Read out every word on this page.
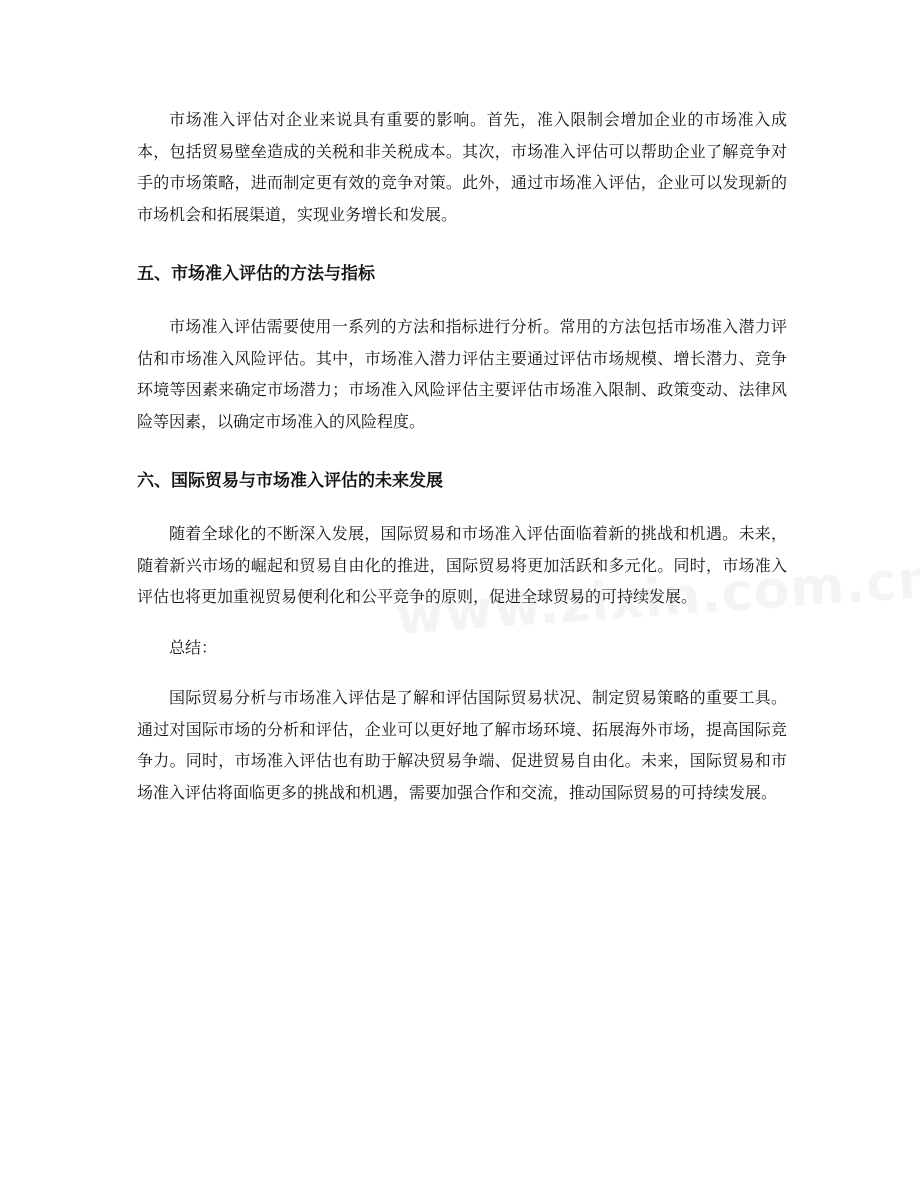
市场准入评估对企业来说具有重要的影响。首先，准入限制会增加企业的市场准入成本，包括贸易壁垒造成的关税和非关税成本。其次，市场准入评估可以帮助企业了解竞争对手的市场策略，进而制定更有效的竞争对策。此外，通过市场准入评估，企业可以发现新的市场机会和拓展渠道，实现业务增长和发展。

五、市场准入评估的方法与指标

市场准入评估需要使用一系列的方法和指标进行分析。常用的方法包括市场准入潜力评估和市场准入风险评估。其中，市场准入潜力评估主要通过评估市场规模、增长潜力、竞争环境等因素来确定市场潜力；市场准入风险评估主要评估市场准入限制、政策变动、法律风险等因素，以确定市场准入的风险程度。

六、国际贸易与市场准入评估的未来发展

随着全球化的不断深入发展，国际贸易和市场准入评估面临着新的挑战和机遇。未来，随着新兴市场的崛起和贸易自由化的推进，国际贸易将更加活跃和多元化。同时，市场准入评估也将更加重视贸易便利化和公平竞争的原则，促进全球贸易的可持续发展。

总结：

国际贸易分析与市场准入评估是了解和评估国际贸易状况、制定贸易策略的重要工具。通过对国际市场的分析和评估，企业可以更好地了解市场环境、拓展海外市场，提高国际竞争力。同时，市场准入评估也有助于解决贸易争端、促进贸易自由化。未来，国际贸易和市场准入评估将面临更多的挑战和机遇，需要加强合作和交流，推动国际贸易的可持续发展。
